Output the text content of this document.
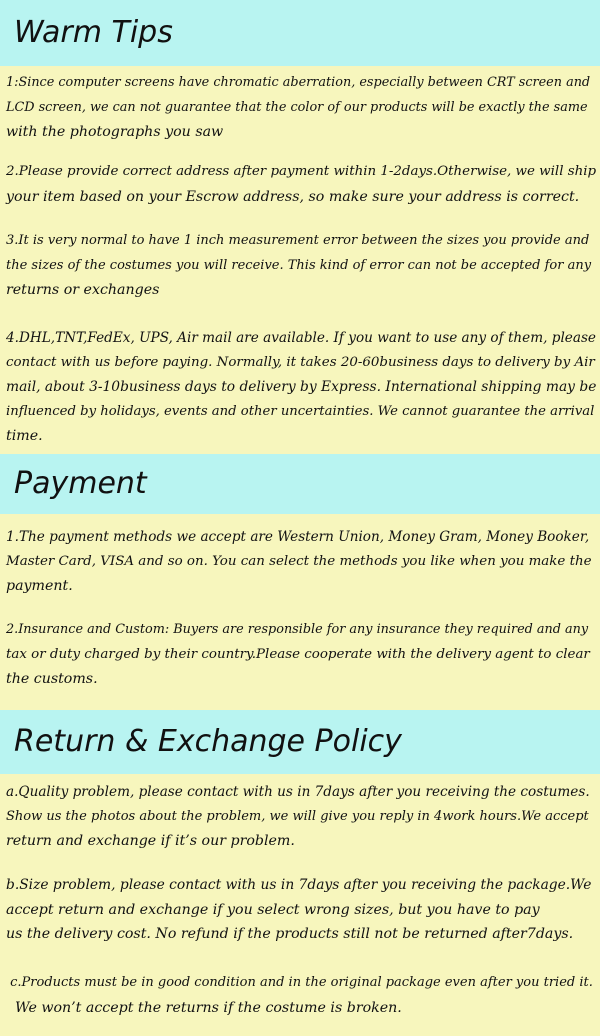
Warm Tips

1:Since computer screens have chromatic aberration, especially between CRT screen and
LCD screen, we can not guarantee that the color of our products will be exactly the same
with the photographs you saw

2.Please provide correct address after payment within 1-2days.Otherwise, we will ship
your item based on your Escrow address, so make sure your address is correct.

3.It is very normal to have 1 inch measurement error between the sizes you provide and
the sizes of the costumes you will receive. This kind of error can not be accepted for any
returns or exchanges

4.DHL,TNT,FedEx, UPS, Air mail are available. If you want to use any of them, please
contact with us before paying. Normally, it takes 20-60business days to delivery by Air
mail, about 3-10business days to delivery by Express. International shipping may be
influenced by holidays, events and other uncertainties. We cannot guarantee the arrival
time.

Payment

1.The payment methods we accept are Western Union, Money Gram, Money Booker,
Master Card, VISA and so on. You can select the methods you like when you make the
payment.

2.Insurance and Custom: Buyers are responsible for any insurance they required and any
tax or duty charged by their country.Please cooperate with the delivery agent to clear
the customs.

Return & Exchange Policy

a.Quality problem, please contact with us in 7days after you receiving the costumes.
Show us the photos about the problem, we will give you reply in 4work hours.We accept
return and exchange if it’s our problem.

b.Size problem, please contact with us in 7days after you receiving the package.We
accept return and exchange if you select wrong sizes, but you have to pay
us the delivery cost. No refund if the products still not be returned after7days.

c.Products must be in good condition and in the original package even after you tried it.
We won’t accept the returns if the costume is broken.
